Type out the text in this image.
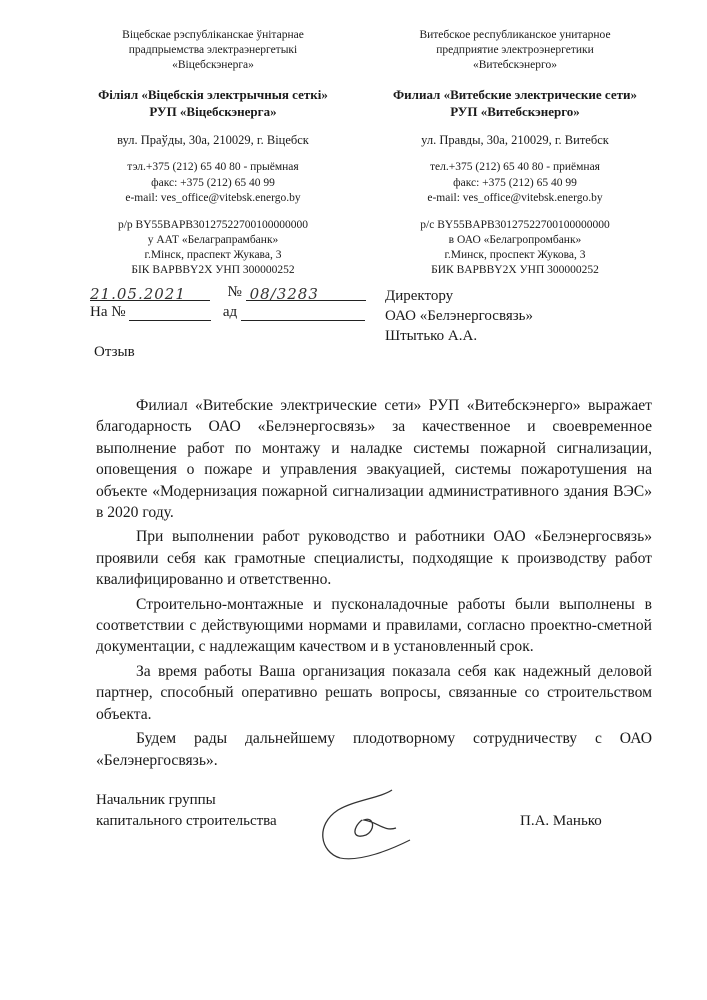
Віцебскае рэспубліканскае ўнітарнае
прадпрыемства электраэнергетыкі
«Віцебскэнерга»
Філіял «Віцебскія электрычныя сеткі»
РУП «Віцебскэнерга»
вул. Праўды, 30а, 210029, г. Віцебск
тэл.+375 (212) 65 40 80 - прыёмная
факс: +375 (212) 65 40 99
e-mail: ves_office@vitebsk.energo.by
р/р BY55BAPB30127522700100000000
у ААТ «Белаграпрамбанк»
г.Мінск, праспект Жукава, 3
БІК BAPBBY2X УНП 300000252
Витебское республиканское унитарное
предприятие электроэнергетики
«Витебскэнерго»
Филиал «Витебские электрические сети»
РУП «Витебскэнерго»
ул. Правды, 30а, 210029, г. Витебск
тел.+375 (212) 65 40 80 - приёмная
факс: +375 (212) 65 40 99
e-mail: ves_office@vitebsk.energo.by
р/с BY55BAPB30127522700100000000
в ОАО «Белагропромбанк»
г.Минск, проспект Жукова, 3
БИК BAPBBY2X УНП 300000252
21.05.2021	№ 08/3283
На №	ад
Директору
ОАО «Белэнергосвязь»
Штытько А.А.
Отзыв

Филиал «Витебские электрические сети» РУП «Витебскэнерго» выражает благодарность ОАО «Белэнергосвязь» за качественное и своевременное выполнение работ по монтажу и наладке системы пожарной сигнализации, оповещения о пожаре и управления эвакуацией, системы пожаротушения на объекте «Модернизация пожарной сигнализации административного здания ВЭС» в 2020 году.

При выполнении работ руководство и работники ОАО «Белэнергосвязь» проявили себя как грамотные специалисты, подходящие к производству работ квалифицированно и ответственно.

Строительно-монтажные и пусконаладочные работы были выполнены в соответствии с действующими нормами и правилами, согласно проектно-сметной документации, с надлежащим качеством и в установленный срок.

За время работы Ваша организация показала себя как надежный деловой партнер, способный оперативно решать вопросы, связанные со строительством объекта.

Будем рады дальнейшему плодотворному сотрудничеству с ОАО «Белэнергосвязь».

Начальник группы
капитального строительства	П.А. Манько
